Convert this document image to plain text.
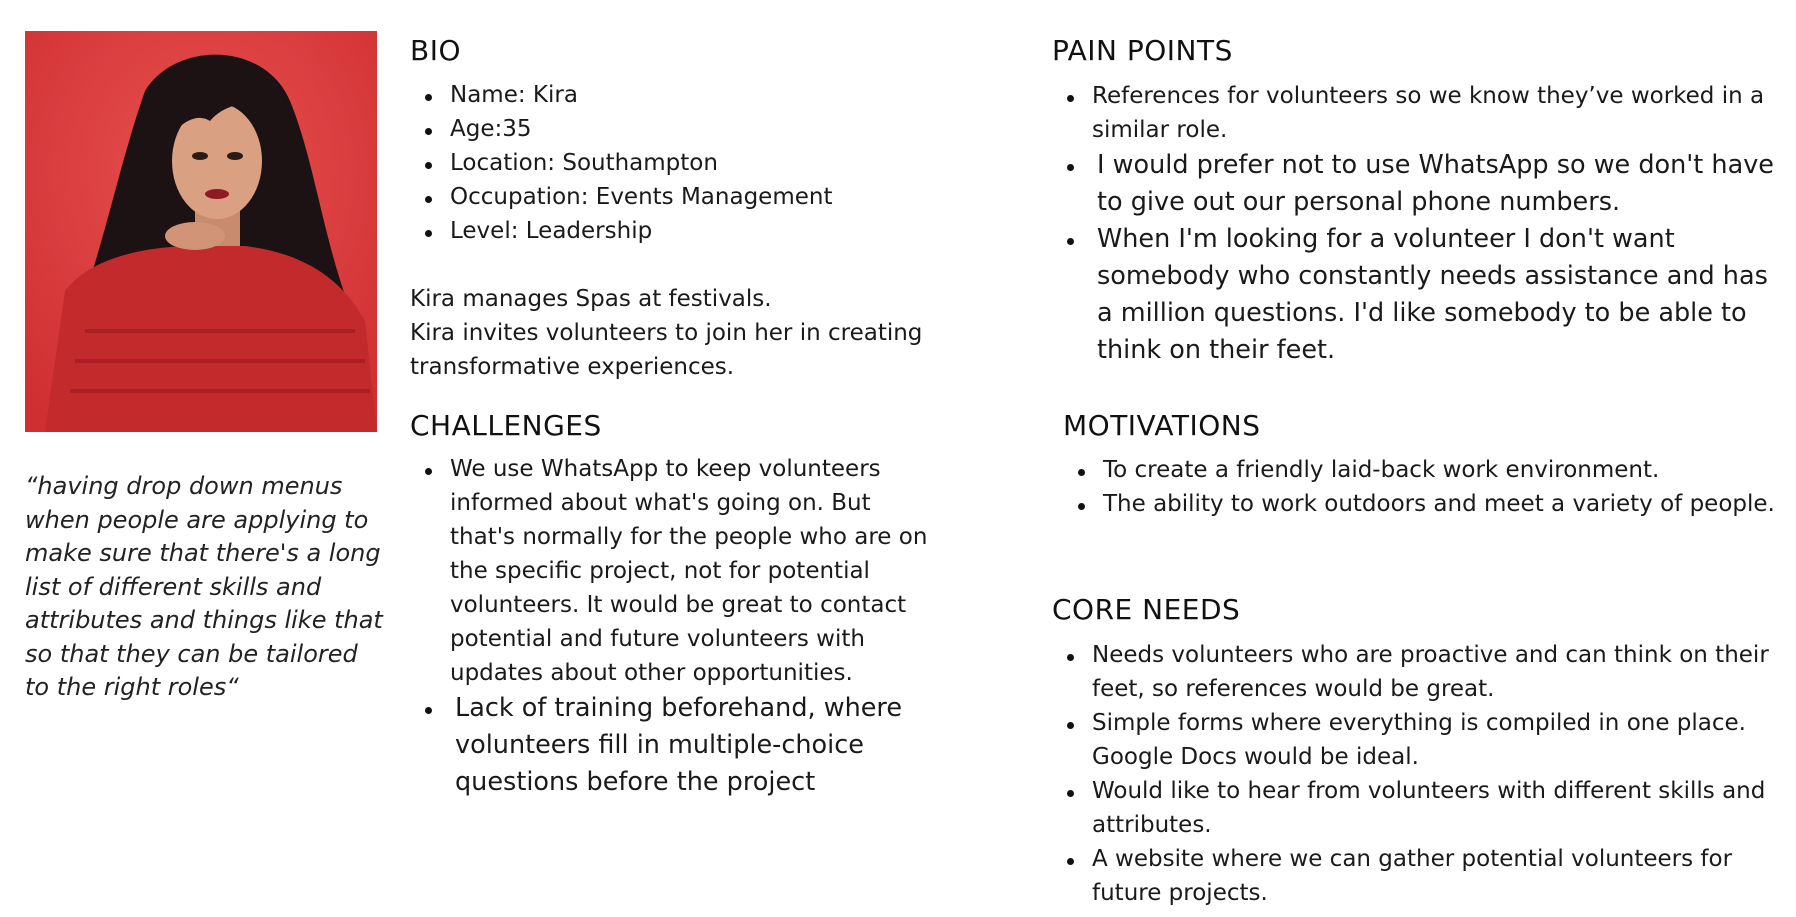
“having drop down menus when people are applying to make sure that there's a long list of different skills and attributes and things like that so that they can be tailored to the right roles“
BIO
Name: Kira
Age:35
Location: Southampton
Occupation: Events Management
Level: Leadership
Kira manages Spas at festivals.
Kira invites volunteers to join her in creating transformative experiences.
CHALLENGES
We use WhatsApp to keep volunteers informed about what's going on. But that's normally for the people who are on the specific project, not for potential volunteers. It would be great to contact potential and future volunteers with updates about other opportunities.
Lack of training beforehand, where volunteers fill in multiple-choice questions before the project
PAIN POINTS
References for volunteers so we know they’ve worked in a similar role.
I would prefer not to use WhatsApp so we don't have to give out our personal phone numbers.
When I'm looking for a volunteer I don't want somebody who constantly needs assistance and has a million questions. I'd like somebody to be able to think on their feet.
MOTIVATIONS
To create a friendly laid-back work environment.
The ability to work outdoors and meet a variety of people.
CORE NEEDS
Needs volunteers who are proactive and can think on their feet, so references would be great.
Simple forms where everything is compiled in one place. Google Docs would be ideal.
Would like to hear from volunteers with different skills and attributes.
A website where we can gather potential volunteers for future projects.
